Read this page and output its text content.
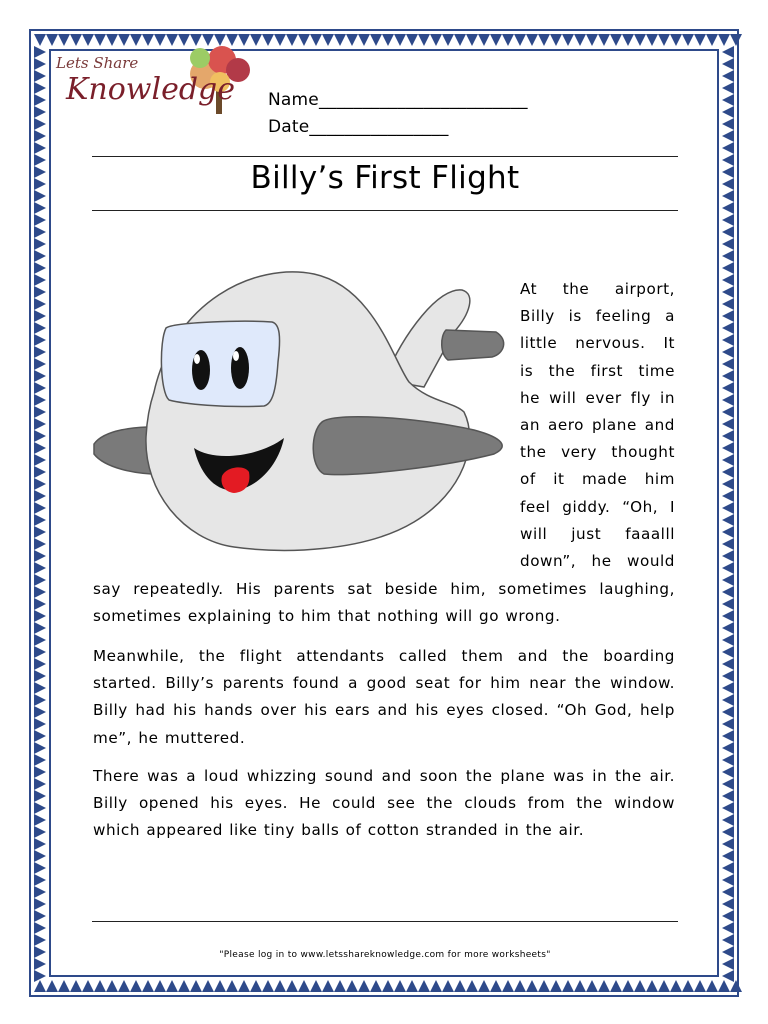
Lets Share
Knowledge Name________________________
Date________________
Billy’s First Flight
At the airport,
Billy is feeling a
little nervous. It
is the first time
he will ever fly in
an aero plane and
the very thought
of it made him
feel giddy. “Oh, I
will just faaalll
down”, he would
say repeatedly. His parents sat beside him, sometimes laughing, sometimes explaining to him that nothing will go wrong.
Meanwhile, the flight attendants called them and the boarding started. Billy’s parents found a good seat for him near the window. Billy had his hands over his ears and his eyes closed. “Oh God, help me”, he muttered.
There was a loud whizzing sound and soon the plane was in the air. Billy opened his eyes. He could see the clouds from the window which appeared like tiny balls of cotton stranded in the air.
"Please log in to www.letsshareknowledge.com for more worksheets"
